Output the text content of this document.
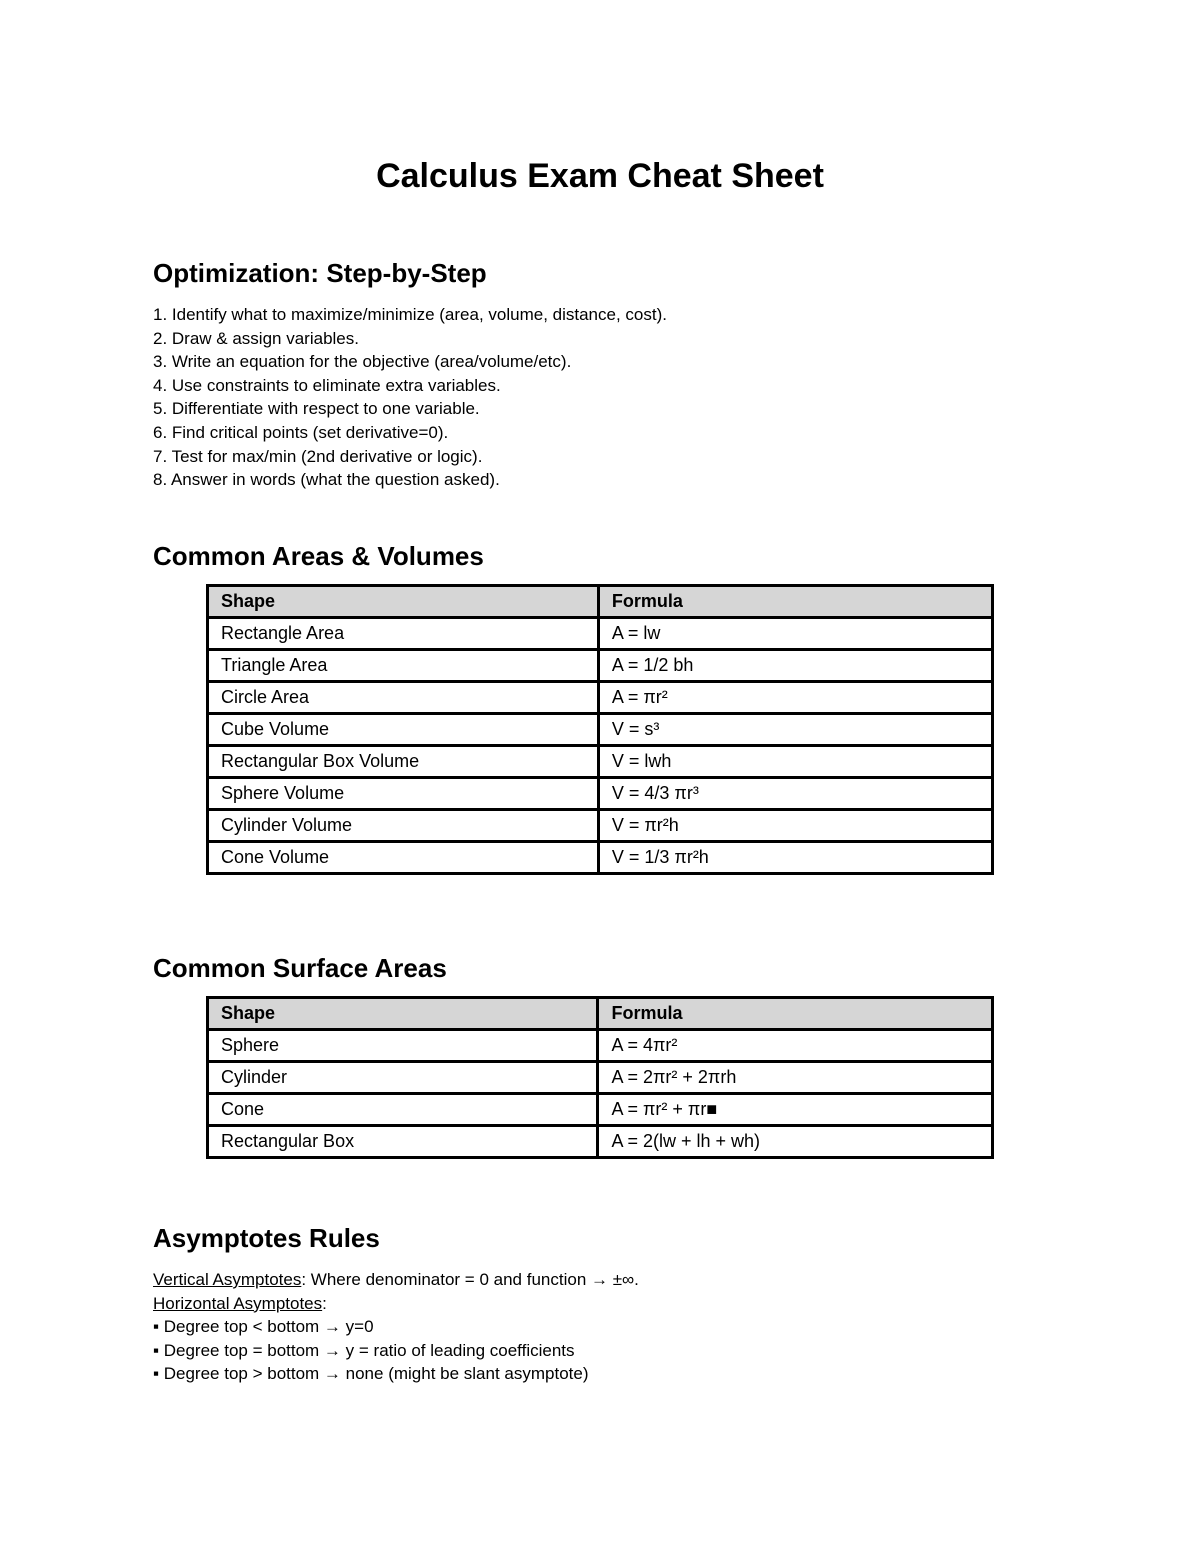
Calculus Exam Cheat Sheet
Optimization: Step-by-Step
1. Identify what to maximize/minimize (area, volume, distance, cost).
2. Draw & assign variables.
3. Write an equation for the objective (area/volume/etc).
4. Use constraints to eliminate extra variables.
5. Differentiate with respect to one variable.
6. Find critical points (set derivative=0).
7. Test for max/min (2nd derivative or logic).
8. Answer in words (what the question asked).
Common Areas & Volumes
Shape	Formula
Rectangle Area	A = lw
Triangle Area	A = 1/2 bh
Circle Area	A = πr²
Cube Volume	V = s³
Rectangular Box Volume	V = lwh
Sphere Volume	V = 4/3 πr³
Cylinder Volume	V = πr²h
Cone Volume	V = 1/3 πr²h
Common Surface Areas
Shape	Formula
Sphere	A = 4πr²
Cylinder	A = 2πr² + 2πrh
Cone	A = πr² + πr■
Rectangular Box	A = 2(lw + lh + wh)
Asymptotes Rules
Vertical Asymptotes: Where denominator = 0 and function → ±∞.
Horizontal Asymptotes:
▪ Degree top < bottom → y=0
▪ Degree top = bottom → y = ratio of leading coefficients
▪ Degree top > bottom → none (might be slant asymptote)
